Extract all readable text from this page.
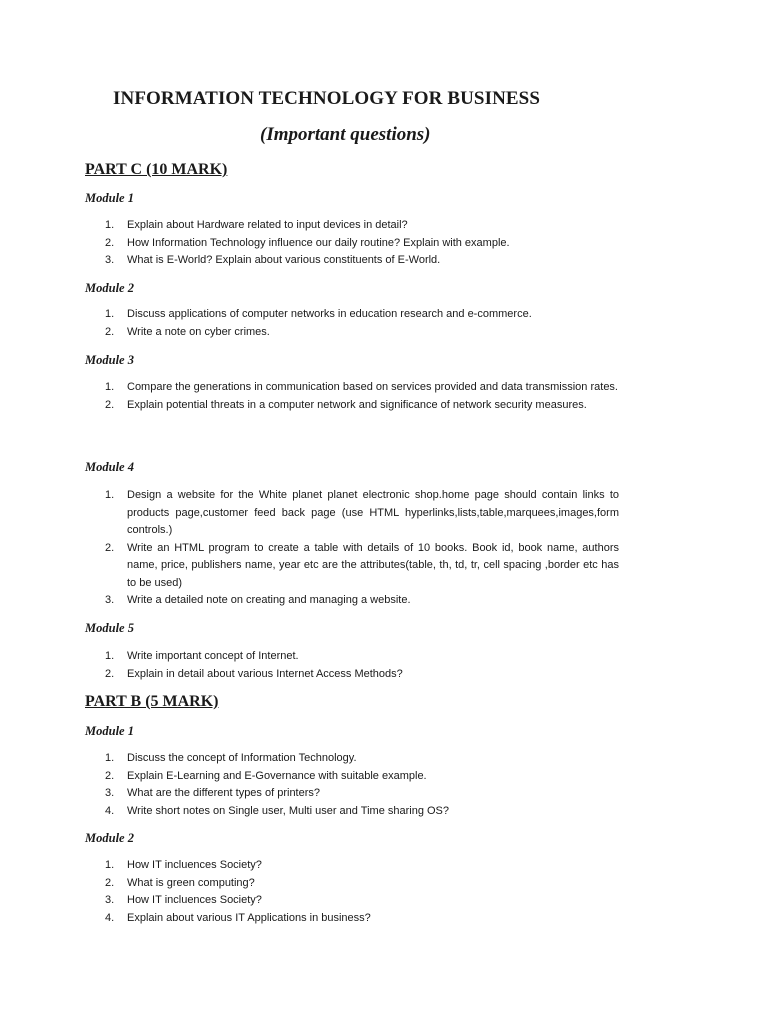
INFORMATION TECHNOLOGY FOR BUSINESS
(Important questions)
PART C (10 MARK)
Module 1
1.	Explain about Hardware related to input devices in detail?
2.	How Information Technology influence our daily routine? Explain with example.
3.	What is E-World? Explain about various constituents of E-World.
Module 2
1.	Discuss applications of computer networks in education research and e-commerce.
2.	Write a note on cyber crimes.
Module 3
1.	Compare the generations in communication based on services provided and data transmission rates.
2.	Explain potential threats in a computer network and significance of network security measures.
Module 4
1.	Design a website for the White planet planet electronic shop.home page should contain links to products page,customer feed back page (use HTML hyperlinks,lists,table,marquees,images,form controls.)
2.	Write an HTML program to create a table with details of 10 books. Book id, book name, authors name, price, publishers name, year etc are the attributes(table, th, td, tr, cell spacing ,border etc has to be used)
3.	Write a detailed note on creating and managing a website.
Module 5
1.	Write important concept of Internet.
2.	Explain in detail about various Internet Access Methods?
PART B (5 MARK)
Module 1
1.	Discuss the concept of Information Technology.
2.	Explain E-Learning and E-Governance with suitable example.
3.	What are the different types of printers?
4.	Write short notes on Single user, Multi user and Time sharing OS?
Module 2
1.	How IT incluences Society?
2.	What is green computing?
3.	How IT incluences Society?
4.	Explain about various IT Applications in business?
